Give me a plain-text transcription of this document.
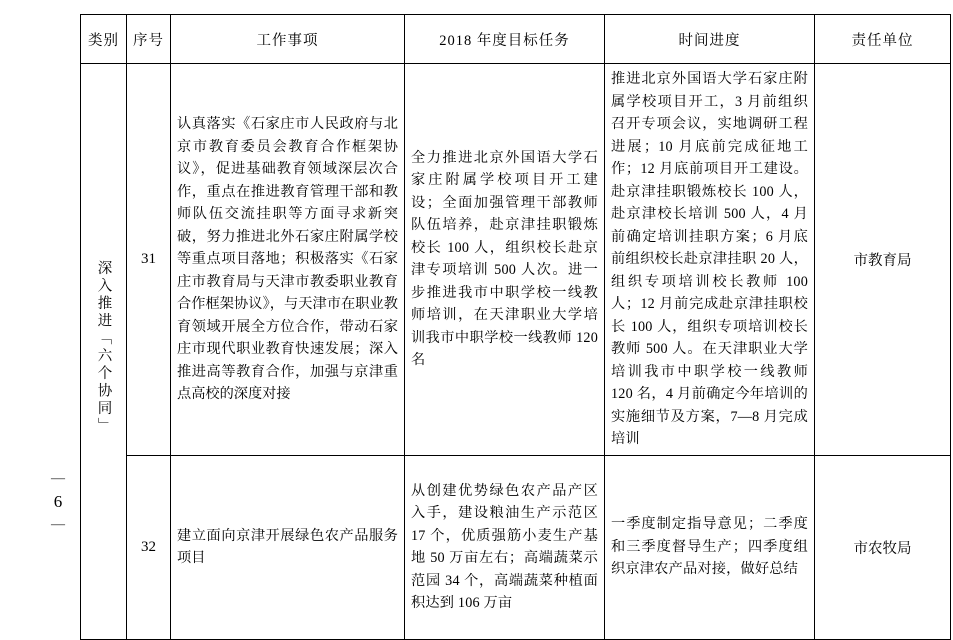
—
6
—
类别	序号	工作事项	2018 年度目标任务	时间进度	责任单位
深入推进「六个协同」	31	认真落实《石家庄市人民政府与北京市教育委员会教育合作框架协议》，促进基础教育领域深层次合作，重点在推进教育管理干部和教师队伍交流挂职等方面寻求新突破，努力推进北外石家庄附属学校等重点项目落地；积极落实《石家庄市教育局与天津市教委职业教育合作框架协议》，与天津市在职业教育领域开展全方位合作，带动石家庄市现代职业教育快速发展；深入推进高等教育合作，加强与京津重点高校的深度对接	全力推进北京外国语大学石家庄附属学校项目开工建设；全面加强管理干部教师队伍培养，赴京津挂职锻炼校长 100 人，组织校长赴京津专项培训 500 人次。进一步推进我市中职学校一线教师培训，在天津职业大学培训我市中职学校一线教师 120 名	推进北京外国语大学石家庄附属学校项目开工，3 月前组织召开专项会议，实地调研工程进展；10 月底前完成征地工作；12 月底前项目开工建设。赴京津挂职锻炼校长 100 人，赴京津校长培训 500 人，4 月前确定培训挂职方案；6 月底前组织校长赴京津挂职 20 人，组织专项培训校长教师 100 人；12 月前完成赴京津挂职校长 100 人，组织专项培训校长教师 500 人。在天津职业大学培训我市中职学校一线教师 120 名，4 月前确定今年培训的实施细节及方案，7—8 月完成培训	市教育局
	32	建立面向京津开展绿色农产品服务项目	从创建优势绿色农产品产区入手，建设粮油生产示范区 17 个，优质强筋小麦生产基地 50 万亩左右；高端蔬菜示范园 34 个，高端蔬菜种植面积达到 106 万亩	一季度制定指导意见；二季度和三季度督导生产；四季度组织京津农产品对接，做好总结	市农牧局
